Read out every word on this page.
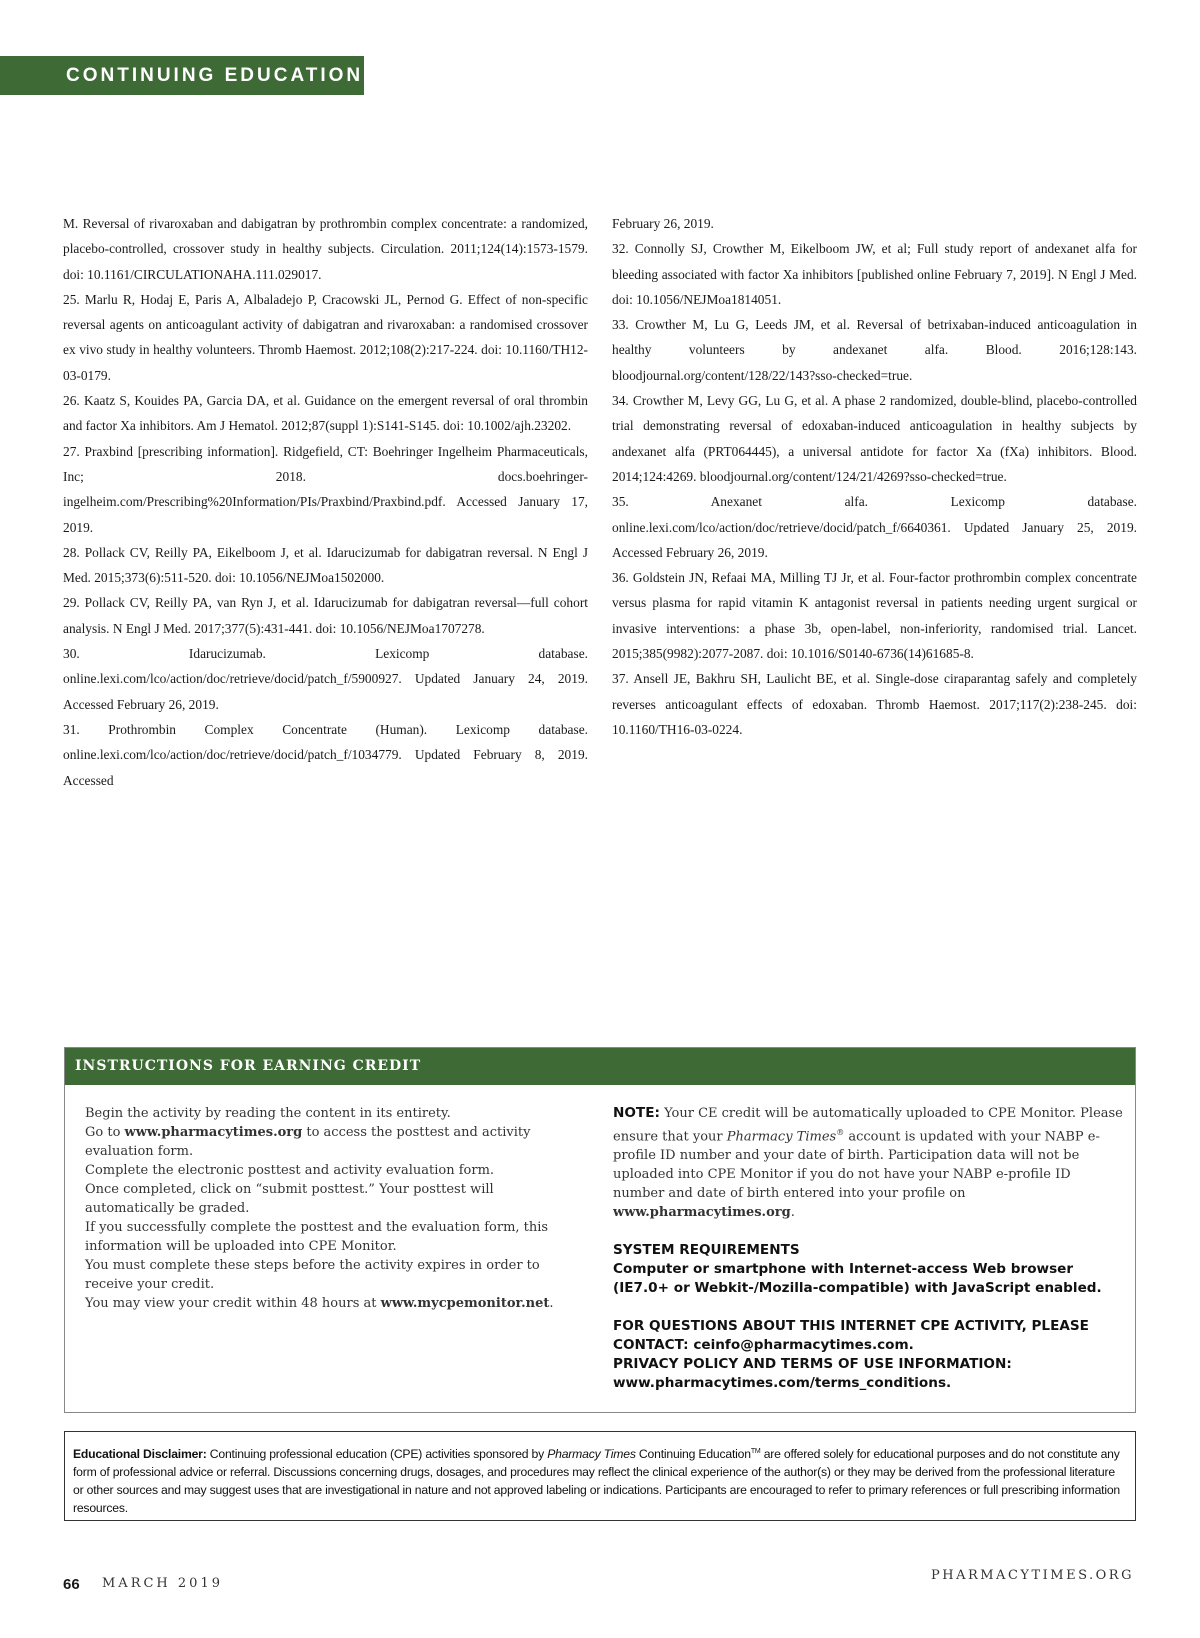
CONTINUING EDUCATION

M. Reversal of rivaroxaban and dabigatran by prothrombin complex concentrate: a randomized, placebo-controlled, crossover study in healthy subjects. Circulation. 2011;124(14):1573-1579. doi: 10.1161/CIRCULATIONAHA.111.029017.

25. Marlu R, Hodaj E, Paris A, Albaladejo P, Cracowski JL, Pernod G. Effect of non-specific reversal agents on anticoagulant activity of dabigatran and rivaroxaban: a randomised crossover ex vivo study in healthy volunteers. Thromb Haemost. 2012;108(2):217-224. doi: 10.1160/TH12-03-0179.

26. Kaatz S, Kouides PA, Garcia DA, et al. Guidance on the emergent reversal of oral thrombin and factor Xa inhibitors. Am J Hematol. 2012;87(suppl 1):S141-S145. doi: 10.1002/ajh.23202.

27. Praxbind [prescribing information]. Ridgefield, CT: Boehringer Ingelheim Pharmaceuticals, Inc; 2018. docs.boehringer-ingelheim.com/Prescribing%20Information/PIs/Praxbind/Praxbind.pdf. Accessed January 17, 2019.

28. Pollack CV, Reilly PA, Eikelboom J, et al. Idarucizumab for dabigatran reversal. N Engl J Med. 2015;373(6):511-520. doi: 10.1056/NEJMoa1502000.

29. Pollack CV, Reilly PA, van Ryn J, et al. Idarucizumab for dabigatran reversal—full cohort analysis. N Engl J Med. 2017;377(5):431-441. doi: 10.1056/NEJMoa1707278.

30. Idarucizumab. Lexicomp database. online.lexi.com/lco/action/doc/retrieve/docid/patch_f/5900927. Updated January 24, 2019. Accessed February 26, 2019.

31. Prothrombin Complex Concentrate (Human). Lexicomp database. online.lexi.com/lco/action/doc/retrieve/docid/patch_f/1034779. Updated February 8, 2019. Accessed

February 26, 2019.

32. Connolly SJ, Crowther M, Eikelboom JW, et al; Full study report of andexanet alfa for bleeding associated with factor Xa inhibitors [published online February 7, 2019]. N Engl J Med. doi: 10.1056/NEJMoa1814051.

33. Crowther M, Lu G, Leeds JM, et al. Reversal of betrixaban-induced anticoagulation in healthy volunteers by andexanet alfa. Blood. 2016;128:143. bloodjournal.org/content/128/22/143?sso-checked=true.

34. Crowther M, Levy GG, Lu G, et al. A phase 2 randomized, double-blind, placebo-controlled trial demonstrating reversal of edoxaban-induced anticoagulation in healthy subjects by andexanet alfa (PRT064445), a universal antidote for factor Xa (fXa) inhibitors. Blood. 2014;124:4269. bloodjournal.org/content/124/21/4269?sso-checked=true.

35. Anexanet alfa. Lexicomp database. online.lexi.com/lco/action/doc/retrieve/docid/patch_f/6640361. Updated January 25, 2019. Accessed February 26, 2019.

36. Goldstein JN, Refaai MA, Milling TJ Jr, et al. Four-factor prothrombin complex concentrate versus plasma for rapid vitamin K antagonist reversal in patients needing urgent surgical or invasive interventions: a phase 3b, open-label, non-inferiority, randomised trial. Lancet. 2015;385(9982):2077-2087. doi: 10.1016/S0140-6736(14)61685-8.

37. Ansell JE, Bakhru SH, Laulicht BE, et al. Single-dose ciraparantag safely and completely reverses anticoagulant effects of edoxaban. Thromb Haemost. 2017;117(2):238-245. doi: 10.1160/TH16-03-0224.

INSTRUCTIONS FOR EARNING CREDIT

Begin the activity by reading the content in its entirety.

Go to www.pharmacytimes.org to access the posttest and activity evaluation form.

Complete the electronic posttest and activity evaluation form.

Once completed, click on “submit posttest.” Your posttest will automatically be graded.

If you successfully complete the posttest and the evaluation form, this information will be uploaded into CPE Monitor.

You must complete these steps before the activity expires in order to receive your credit.

You may view your credit within 48 hours at www.mycpemonitor.net.

NOTE: Your CE credit will be automatically uploaded to CPE Monitor. Please ensure that your Pharmacy Times® account is updated with your NABP e-profile ID number and your date of birth. Participation data will not be uploaded into CPE Monitor if you do not have your NABP e-profile ID number and date of birth entered into your profile on www.pharmacytimes.org.

SYSTEM REQUIREMENTS

Computer or smartphone with Internet-access Web browser (IE7.0+ or Webkit-/Mozilla-compatible) with JavaScript enabled.

FOR QUESTIONS ABOUT THIS INTERNET CPE ACTIVITY, PLEASE CONTACT: ceinfo@pharmacytimes.com.

PRIVACY POLICY AND TERMS OF USE INFORMATION:

www.pharmacytimes.com/terms_conditions.

Educational Disclaimer: Continuing professional education (CPE) activities sponsored by Pharmacy Times Continuing Education™ are offered solely for educational purposes and do not constitute any form of professional advice or referral. Discussions concerning drugs, dosages, and procedures may reflect the clinical experience of the author(s) or they may be derived from the professional literature or other sources and may suggest uses that are investigational in nature and not approved labeling or indications. Participants are encouraged to refer to primary references or full prescribing information resources.
66 MARCH 2019
PHARMACYTIMES.ORG
